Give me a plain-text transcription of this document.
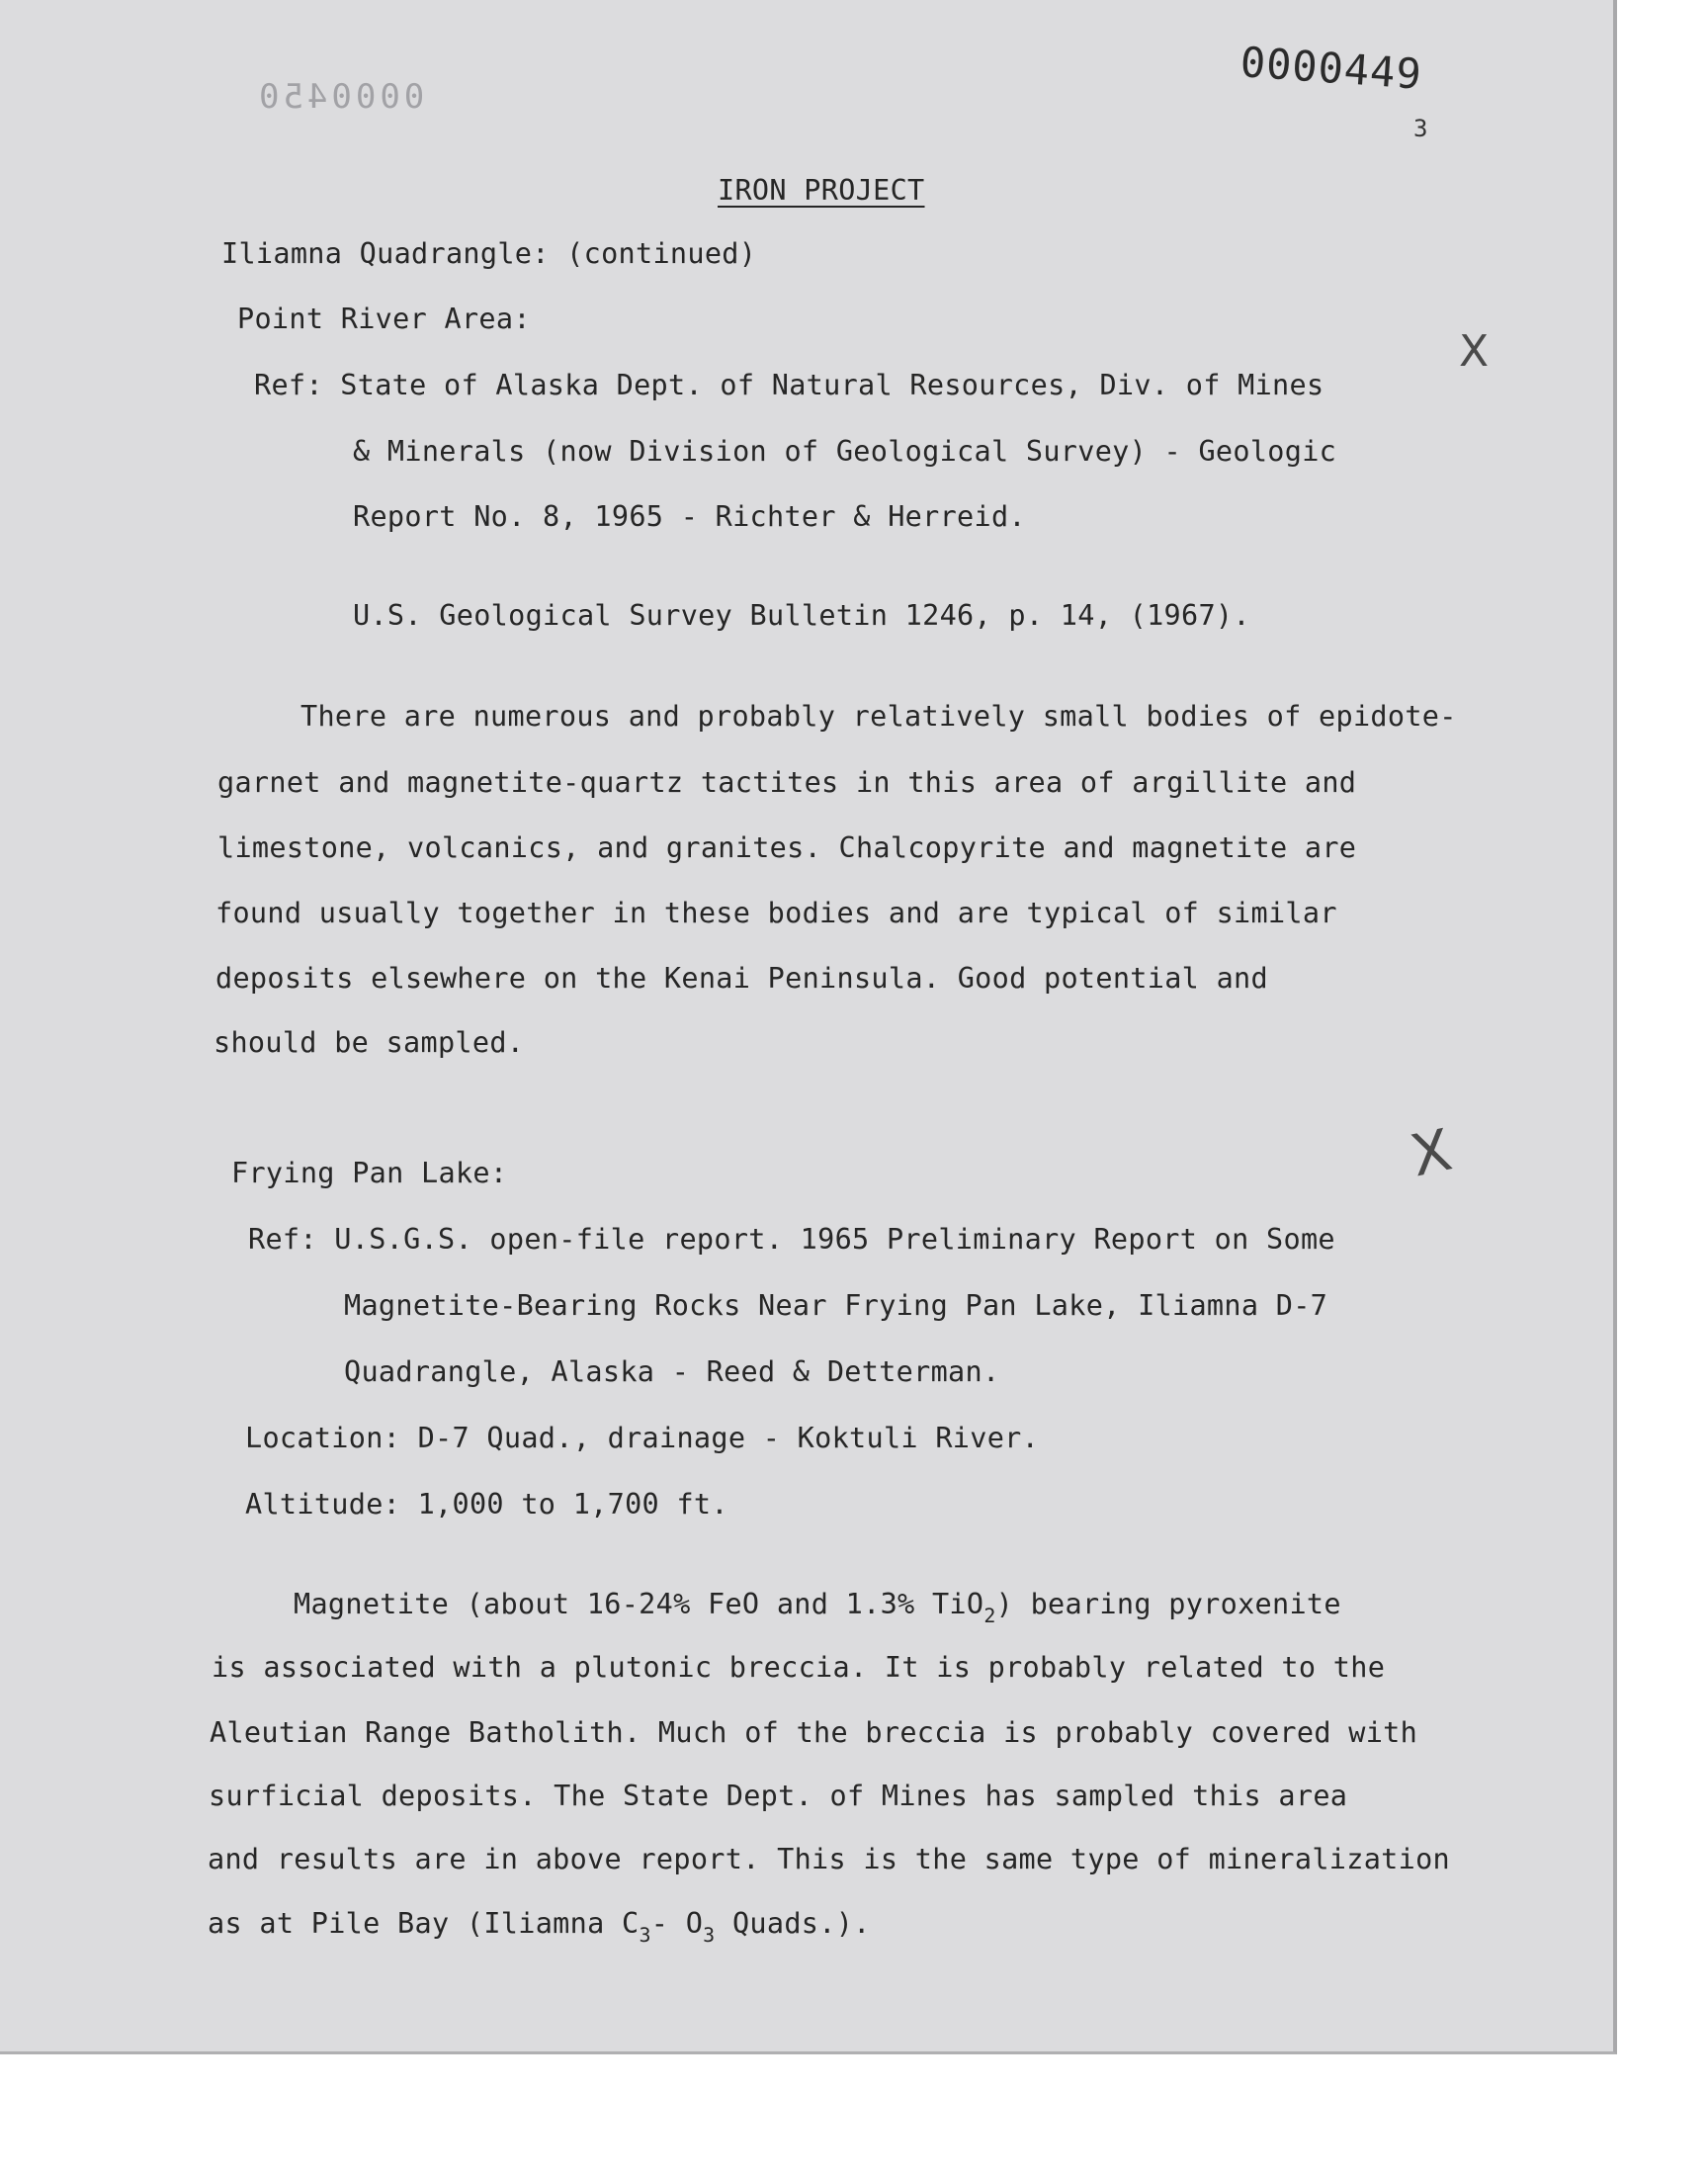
0000450	0000449
3
X
X
IRON PROJECT
Iliamna Quadrangle: (continued)
Point River Area:
Ref: State of Alaska Dept. of Natural Resources, Div. of Mines
& Minerals (now Division of Geological Survey) - Geologic
Report No. 8, 1965 - Richter & Herreid.
U.S. Geological Survey Bulletin 1246, p. 14, (1967).
There are numerous and probably relatively small bodies of epidote-
garnet and magnetite-quartz tactites in this area of argillite and
limestone, volcanics, and granites. Chalcopyrite and magnetite are
found usually together in these bodies and are typical of similar
deposits elsewhere on the Kenai Peninsula. Good potential and
should be sampled.
Frying Pan Lake:
Ref: U.S.G.S. open-file report. 1965 Preliminary Report on Some
Magnetite-Bearing Rocks Near Frying Pan Lake, Iliamna D-7
Quadrangle, Alaska - Reed & Detterman.
Location: D-7 Quad., drainage - Koktuli River.
Altitude: 1,000 to 1,700 ft.
Magnetite (about 16-24% FeO and 1.3% TiO$_2$) bearing pyroxenite
is associated with a plutonic breccia. It is probably related to the
Aleutian Range Batholith. Much of the breccia is probably covered with
surficial deposits. The State Dept. of Mines has sampled this area
and results are in above report. This is the same type of mineralization
as at Pile Bay (Iliamna $C_3-$ $O_3$ Quads.).
